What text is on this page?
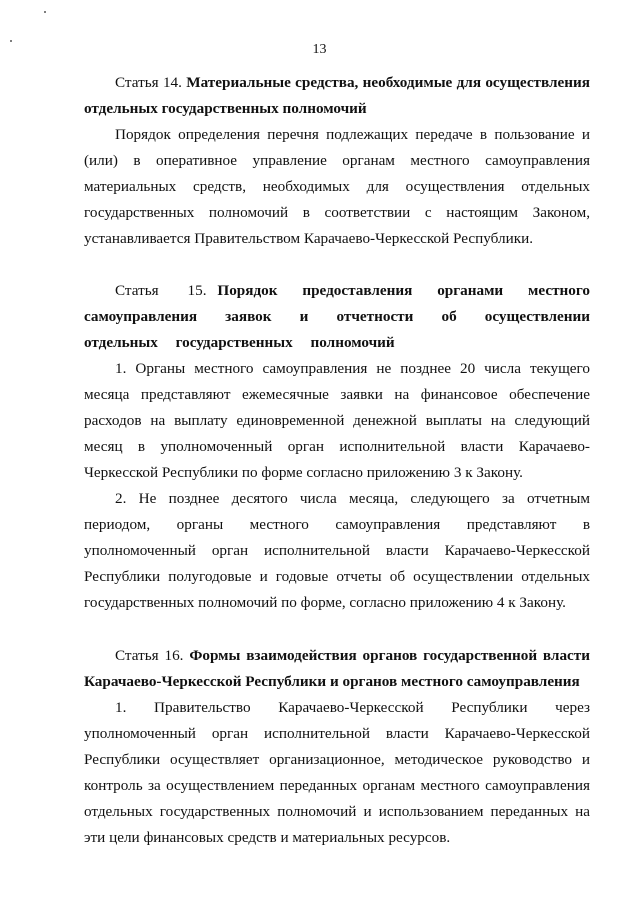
13

Статья 14. Материальные средства, необходимые для осуществления отдельных государственных полномочий

Порядок определения перечня подлежащих передаче в пользование и (или) в оперативное управление органам местного самоуправления материальных средств, необходимых для осуществления отдельных государственных полномочий в соответствии с настоящим Законом, устанавливается Правительством Карачаево-Черкесской Республики.

Статья 15. Порядок предоставления органами местного самоуправления заявок и отчетности об осуществлении отдельных государственных полномочий

1. Органы местного самоуправления не позднее 20 числа текущего месяца представляют ежемесячные заявки на финансовое обеспечение расходов на выплату единовременной денежной выплаты на следующий месяц в уполномоченный орган исполнительной власти Карачаево-Черкесской Республики по форме согласно приложению 3 к Закону.

2. Не позднее десятого числа месяца, следующего за отчетным периодом, органы местного самоуправления представляют в уполномоченный орган исполнительной власти Карачаево-Черкесской Республики полугодовые и годовые отчеты об осуществлении отдельных государственных полномочий по форме, согласно приложению 4 к Закону.

Статья 16. Формы взаимодействия органов государственной власти Карачаево-Черкесской Республики и органов местного самоуправления

1. Правительство Карачаево-Черкесской Республики через уполномоченный орган исполнительной власти Карачаево-Черкесской Республики осуществляет организационное, методическое руководство и контроль за осуществлением переданных органам местного самоуправления отдельных государственных полномочий и использованием переданных на эти цели финансовых средств и материальных ресурсов.
